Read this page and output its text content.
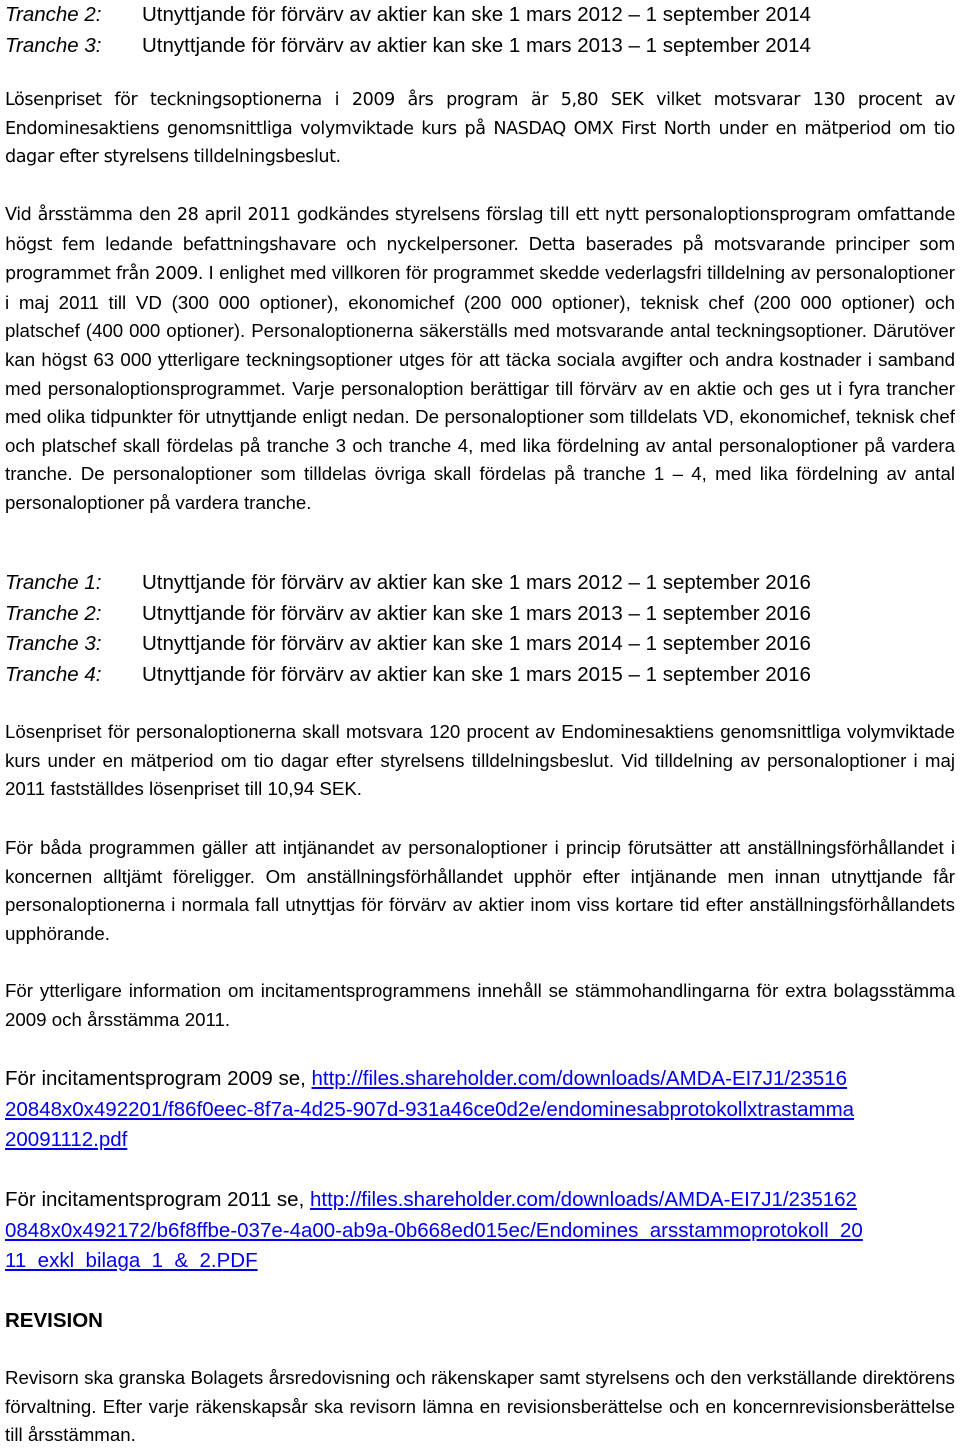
Tranche 2: Utnyttjande för förvärv av aktier kan ske 1 mars 2012 – 1 september 2014
Tranche 3: Utnyttjande för förvärv av aktier kan ske 1 mars 2013 – 1 september 2014

Lösenpriset för teckningsoptionerna i 2009 års program är 5,80 SEK vilket motsvarar 130 procent av Endominesaktiens genomsnittliga volymviktade kurs på NASDAQ OMX First North under en mätperiod om tio dagar efter styrelsens tilldelningsbeslut.

Vid årsstämma den 28 april 2011 godkändes styrelsens förslag till ett nytt personaloptionsprogram omfattande högst fem ledande befattningshavare och nyckelpersoner. Detta baserades på motsvarande principer som programmet från 2009. I enlighet med villkoren för programmet skedde vederlagsfri tilldelning av personaloptioner i maj 2011 till VD (300 000 optioner), ekonomichef (200 000 optioner), teknisk chef (200 000 optioner) och platschef (400 000 optioner). Personaloptionerna säkerställs med motsvarande antal teckningsoptioner. Därutöver kan högst 63 000 ytterligare teckningsoptioner utges för att täcka sociala avgifter och andra kostnader i samband med personaloptionsprogrammet. Varje personaloption berättigar till förvärv av en aktie och ges ut i fyra trancher med olika tidpunkter för utnyttjande enligt nedan. De personaloptioner som tilldelats VD, ekonomichef, teknisk chef och platschef skall fördelas på tranche 3 och tranche 4, med lika fördelning av antal personaloptioner på vardera tranche. De personaloptioner som tilldelas övriga skall fördelas på tranche 1 – 4, med lika fördelning av antal personaloptioner på vardera tranche.

Tranche 1: Utnyttjande för förvärv av aktier kan ske 1 mars 2012 – 1 september 2016
Tranche 2: Utnyttjande för förvärv av aktier kan ske 1 mars 2013 – 1 september 2016
Tranche 3: Utnyttjande för förvärv av aktier kan ske 1 mars 2014 – 1 september 2016
Tranche 4: Utnyttjande för förvärv av aktier kan ske 1 mars 2015 – 1 september 2016

Lösenpriset för personaloptionerna skall motsvara 120 procent av Endominesaktiens genomsnittliga volymviktade kurs under en mätperiod om tio dagar efter styrelsens tilldelningsbeslut. Vid tilldelning av personaloptioner i maj 2011 fastställdes lösenpriset till 10,94 SEK.

För båda programmen gäller att intjänandet av personaloptioner i princip förutsätter att anställningsförhållandet i koncernen alltjämt föreligger. Om anställningsförhållandet upphör efter intjänande men innan utnyttjande får personaloptionerna i normala fall utnyttjas för förvärv av aktier inom viss kortare tid efter anställningsförhållandets upphörande.

För ytterligare information om incitamentsprogrammens innehåll se stämmohandlingarna för extra bolagsstämma 2009 och årsstämma 2011.

För incitamentsprogram 2009 se, http://files.shareholder.com/downloads/AMDA-EI7J1/2351620848x0x492201/f86f0eec-8f7a-4d25-907d-931a46ce0d2e/endominesabprotokollxtrastamma20091112.pdf

För incitamentsprogram 2011 se, http://files.shareholder.com/downloads/AMDA-EI7J1/2351620848x0x492172/b6f8ffbe-037e-4a00-ab9a-0b668ed015ec/Endomines_arsstammoprotokoll_2011_exkl_bilaga_1_&_2.PDF

REVISION

Revisorn ska granska Bolagets årsredovisning och räkenskaper samt styrelsens och den verkställande direktörens förvaltning. Efter varje räkenskapsår ska revisorn lämna en revisionsberättelse och en koncernrevisionsberättelse till årsstämman.
